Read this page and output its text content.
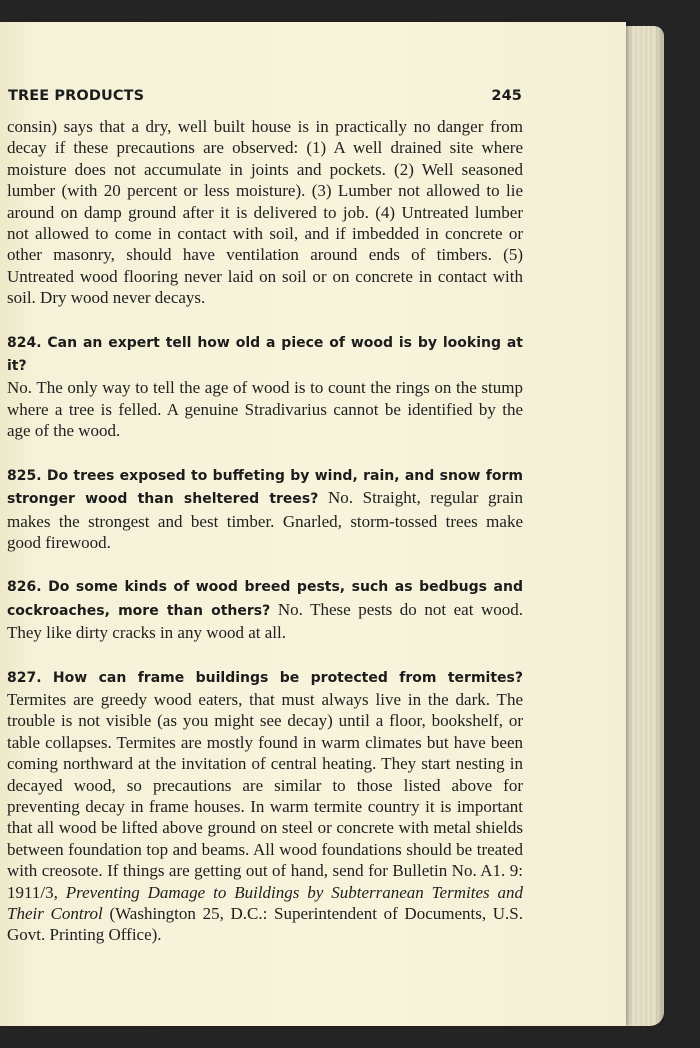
TREE PRODUCTS	245

consin) says that a dry, well built house is in practically no danger from decay if these precautions are observed: (1) A well drained site where moisture does not accumulate in joints and pockets. (2) Well seasoned lumber (with 20 percent or less moisture). (3) Lumber not allowed to lie around on damp ground after it is delivered to job. (4) Untreated lumber not allowed to come in contact with soil, and if imbedded in concrete or other masonry, should have ventilation around ends of timbers. (5) Untreated wood flooring never laid on soil or on concrete in contact with soil. Dry wood never decays.

824. Can an expert tell how old a piece of wood is by looking at it?
No. The only way to tell the age of wood is to count the rings on the stump where a tree is felled. A genuine Stradivarius cannot be identified by the age of the wood.

825. Do trees exposed to buffeting by wind, rain, and snow form stronger wood than sheltered trees? No. Straight, regular grain makes the strongest and best timber. Gnarled, storm-tossed trees make good firewood.

826. Do some kinds of wood breed pests, such as bedbugs and cockroaches, more than others? No. These pests do not eat wood. They like dirty cracks in any wood at all.

827. How can frame buildings be protected from termites? Termites are greedy wood eaters, that must always live in the dark. The trouble is not visible (as you might see decay) until a floor, bookshelf, or table collapses. Termites are mostly found in warm climates but have been coming northward at the invitation of central heating. They start nesting in decayed wood, so precautions are similar to those listed above for preventing decay in frame houses. In warm termite country it is important that all wood be lifted above ground on steel or concrete with metal shields between foundation top and beams. All wood foundations should be treated with creosote. If things are getting out of hand, send for Bulletin No. A1. 9: 1911/3, Preventing Damage to Buildings by Subterranean Termites and Their Control (Washington 25, D.C.: Superintendent of Documents, U.S. Govt. Printing Office).
